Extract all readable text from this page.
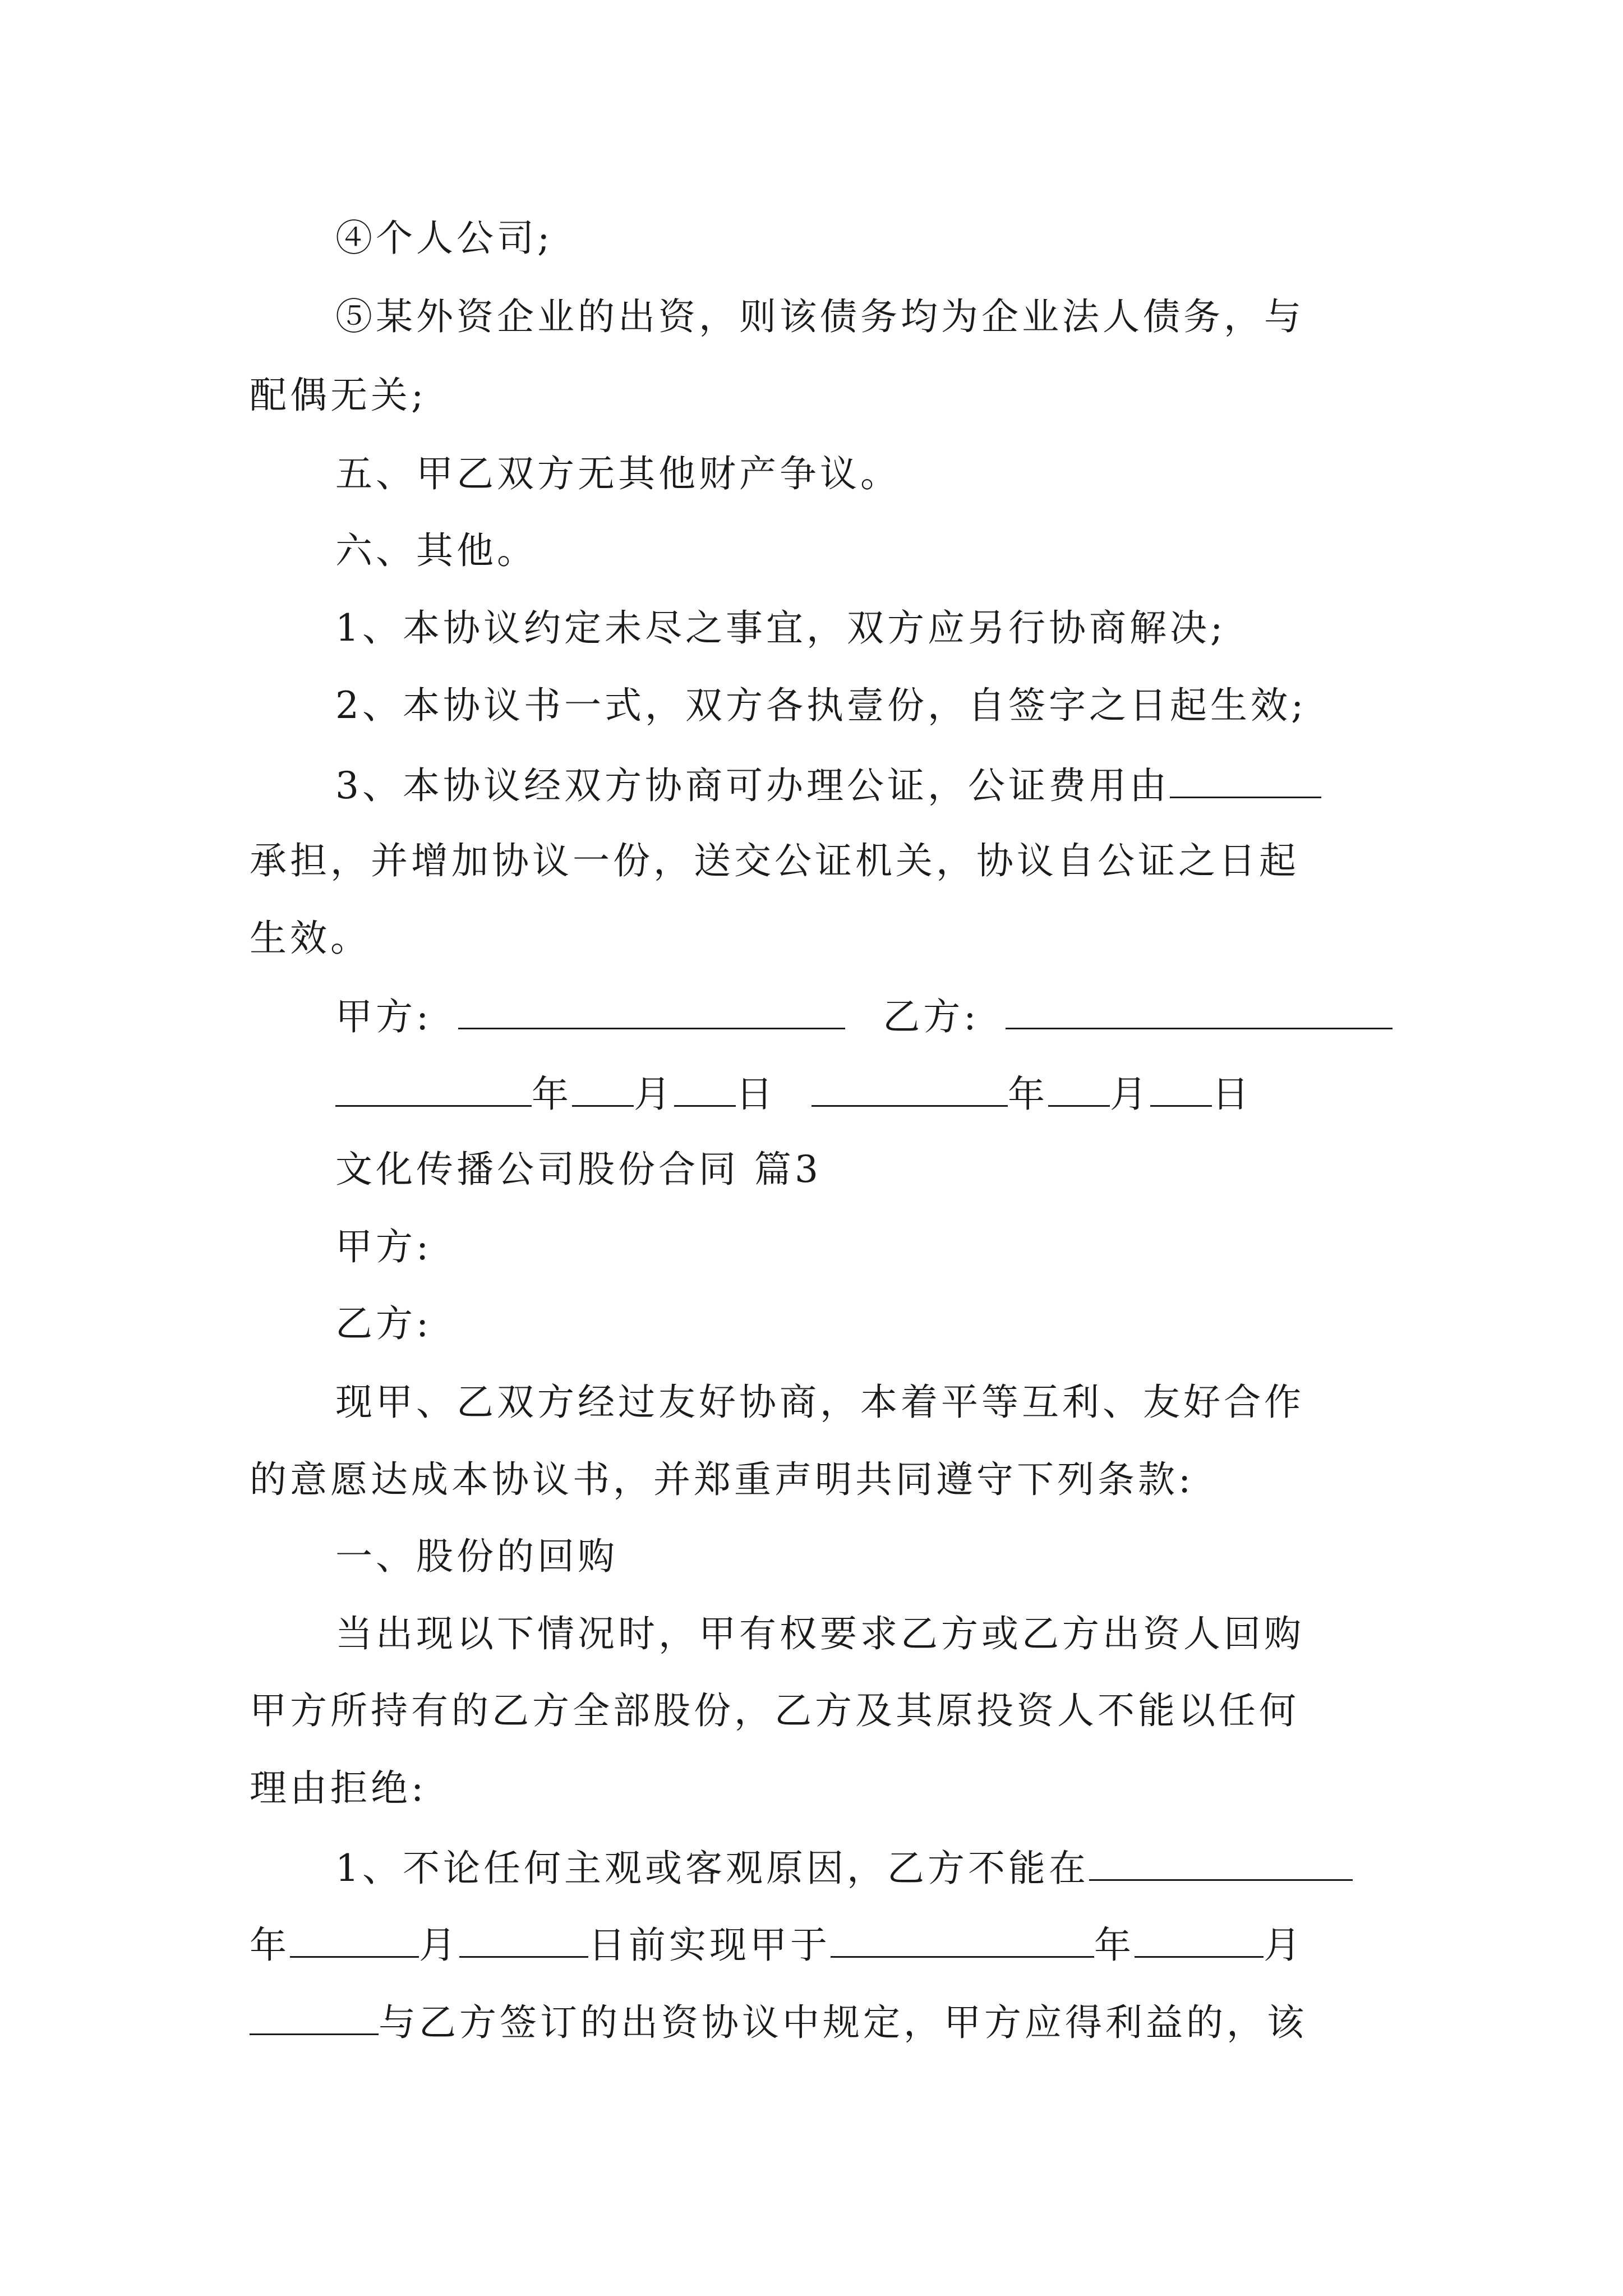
④个人公司;
⑤某外资企业的出资，则该债务均为企业法人债务，与
配偶无关;
五、甲乙双方无其他财产争议。
六、其他。
1、本协议约定未尽之事宜，双方应另行协商解决;
2、本协议书一式，双方各执壹份，自签字之日起生效;
3、本协议经双方协商可办理公证，公证费用由
承担，并增加协议一份，送交公证机关，协议自公证之日起
生效。
甲方:	乙方:
年 月 日	年 月 日
文化传播公司股份合同 篇3
甲方:
乙方:
现甲、乙双方经过友好协商，本着平等互利、友好合作
的意愿达成本协议书，并郑重声明共同遵守下列条款:
一、股份的回购
当出现以下情况时，甲有权要求乙方或乙方出资人回购
甲方所持有的乙方全部股份，乙方及其原投资人不能以任何
理由拒绝:
1、不论任何主观或客观原因，乙方不能在
年	月	日前实现甲于	年	月
与乙方签订的出资协议中规定，甲方应得利益的，该
